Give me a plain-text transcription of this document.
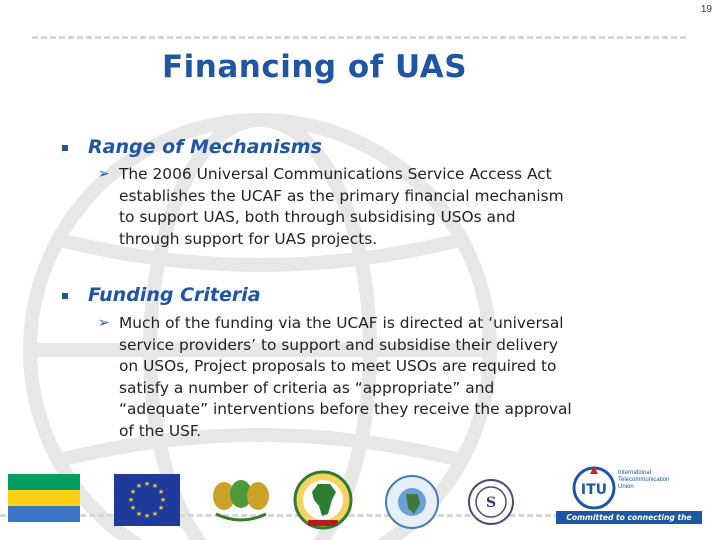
19
Financing of UAS
Range of Mechanisms
➢ The 2006 Universal Communications Service Access Act
establishes the UCAF as the primary financial mechanism
to support UAS, both through subsidising USOs and
through support for UAS projects.
Funding Criteria
➢ Much of the funding via the UCAF is directed at ‘universal
service providers’ to support and subsidise their delivery
on USOs, Project proposals to meet USOs are required to
satisfy a number of criteria as “appropriate” and
“adequate” interventions before they receive the approval
of the USF.
★ ★
★
★
★
★
★
★
★
★
★
★
S
ITU
International
Telecommunication
Union
Committed to connecting the world
